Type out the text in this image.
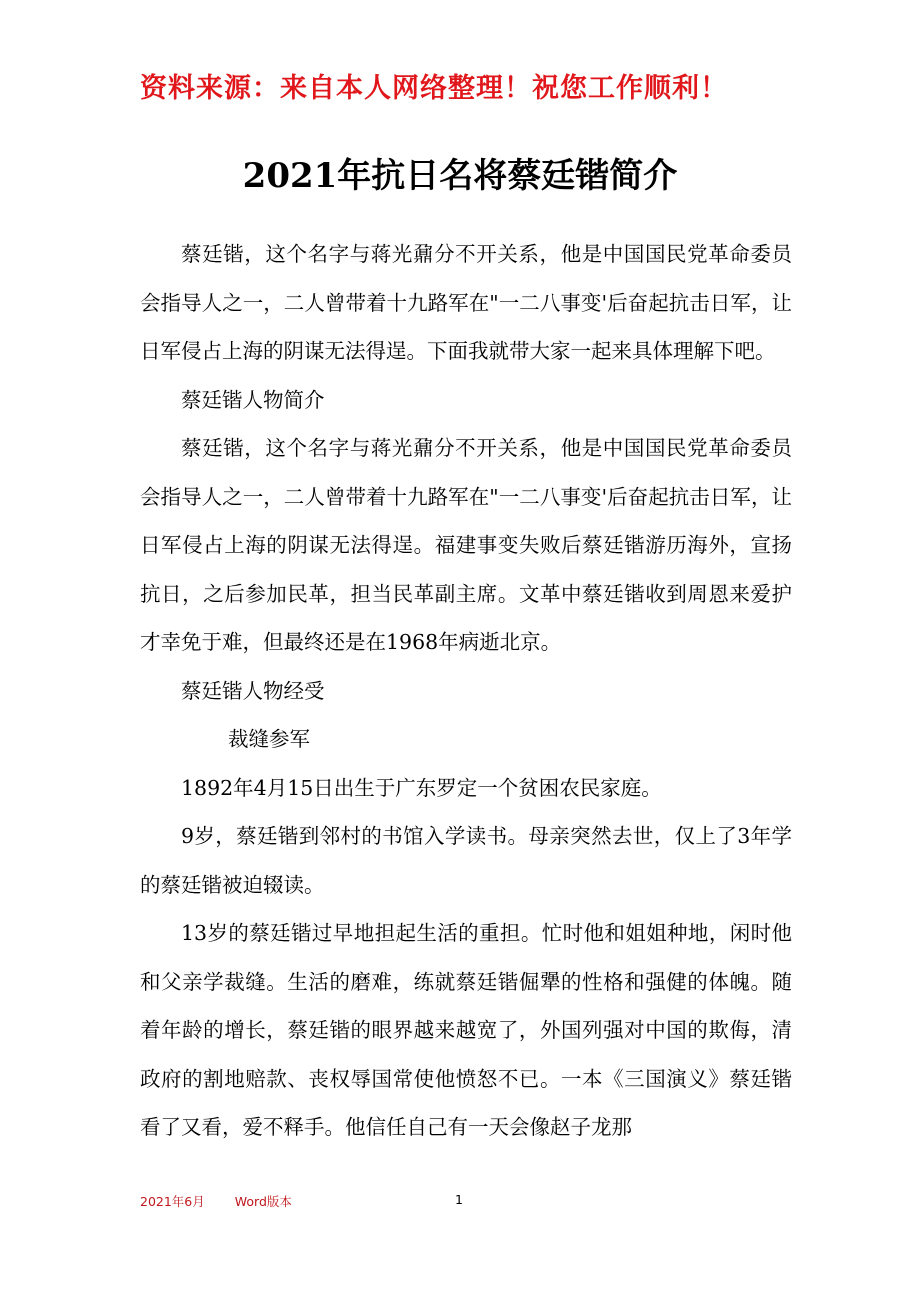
资料来源：来自本人网络整理！祝您工作顺利！
2021年抗日名将蔡廷锴简介

蔡廷锴，这个名字与蒋光鼐分不开关系，他是中国国民党革命委员会指导人之一，二人曾带着十九路军在"一二八事变'后奋起抗击日军，让日军侵占上海的阴谋无法得逞。下面我就带大家一起来具体理解下吧。

蔡廷锴人物简介

蔡廷锴，这个名字与蒋光鼐分不开关系，他是中国国民党革命委员会指导人之一，二人曾带着十九路军在"一二八事变'后奋起抗击日军，让日军侵占上海的阴谋无法得逞。福建事变失败后蔡廷锴游历海外，宣扬抗日，之后参加民革，担当民革副主席。文革中蔡廷锴收到周恩来爱护才幸免于难，但最终还是在1968年病逝北京。

蔡廷锴人物经受

裁缝参军

1892年4月15日出生于广东罗定一个贫困农民家庭。

9岁，蔡廷锴到邻村的书馆入学读书。母亲突然去世，仅上了3年学的蔡廷锴被迫辍读。

13岁的蔡廷锴过早地担起生活的重担。忙时他和姐姐种地，闲时他和父亲学裁缝。生活的磨难，练就蔡廷锴倔犟的性格和强健的体魄。随着年龄的增长，蔡廷锴的眼界越来越宽了，外国列强对中国的欺侮，清政府的割地赔款、丧权辱国常使他愤怒不已。一本《三国演义》蔡廷锴看了又看，爱不释手。他信任自己有一天会像赵子龙那

2021年6月 Word版本	1
